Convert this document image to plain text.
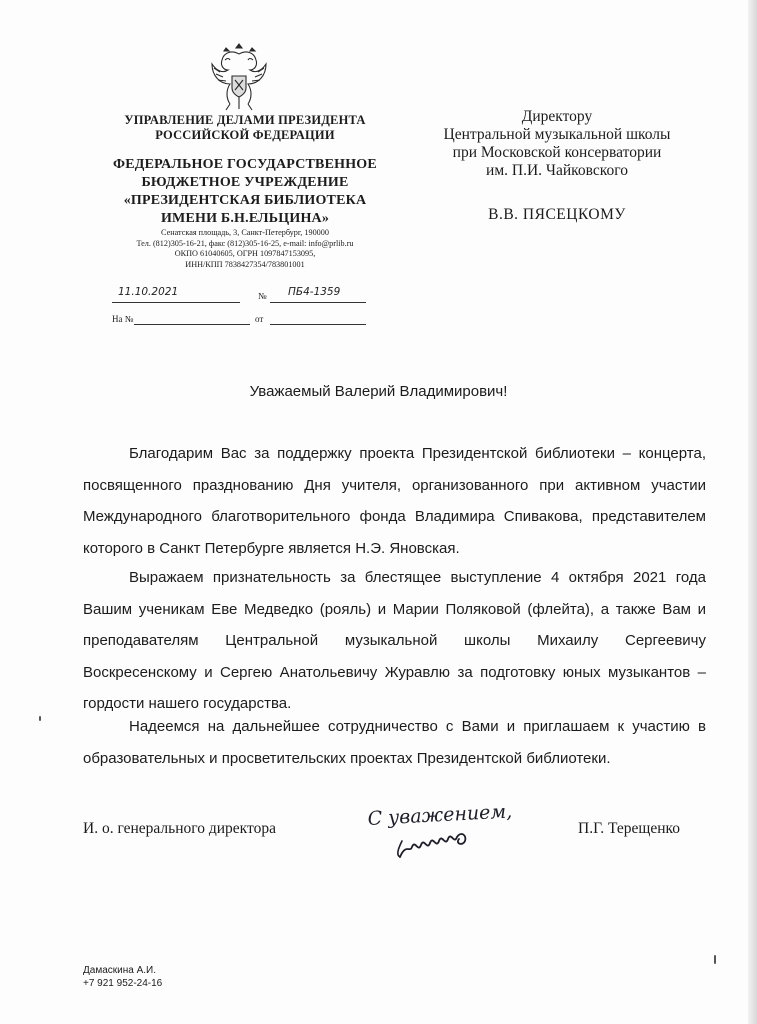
УПРАВЛЕНИЕ ДЕЛАМИ ПРЕЗИДЕНТА
РОССИЙСКОЙ ФЕДЕРАЦИИ
ФЕДЕРАЛЬНОЕ ГОСУДАРСТВЕННОЕ
БЮДЖЕТНОЕ УЧРЕЖДЕНИЕ
«ПРЕЗИДЕНТСКАЯ БИБЛИОТЕКА
ИМЕНИ Б.Н.ЕЛЬЦИНА»
Сенатская площадь, 3, Санкт-Петербург, 190000
Тел. (812)305-16-21, факс (812)305-16-25, e-mail: info@prlib.ru
ОКПО 61040605, ОГРН 1097847153095,
ИНН/КПП 7838427354/783801001
11.10.2021	№ ПБ4-1359
На №	от
Директору
Центральной музыкальной школы
при Московской консерватории
им. П.И. Чайковского
В.В. ПЯСЕЦКОМУ
Уважаемый Валерий Владимирович!

Благодарим Вас за поддержку проекта Президентской библиотеки – концерта, посвященного празднованию Дня учителя, организованного при активном участии Международного благотворительного фонда Владимира Спивакова, представителем которого в Санкт Петербурге является Н.Э. Яновская.

Выражаем признательность за блестящее выступление 4 октября 2021 года Вашим ученикам Еве Медведко (рояль) и Марии Поляковой (флейта), а также Вам и преподавателям Центральной музыкальной школы Михаилу Сергеевичу Воскресенскому и Сергею Анатольевичу Журавлю за подготовку юных музыкантов – гордости нашего государства.

Надеемся на дальнейшее сотрудничество с Вами и приглашаем к участию в образовательных и просветительских проектах Президентской библиотеки.

И. о. генерального директора	С уважением,	П.Г. Терещенко
Дамаскина А.И.
+7 921 952-24-16
